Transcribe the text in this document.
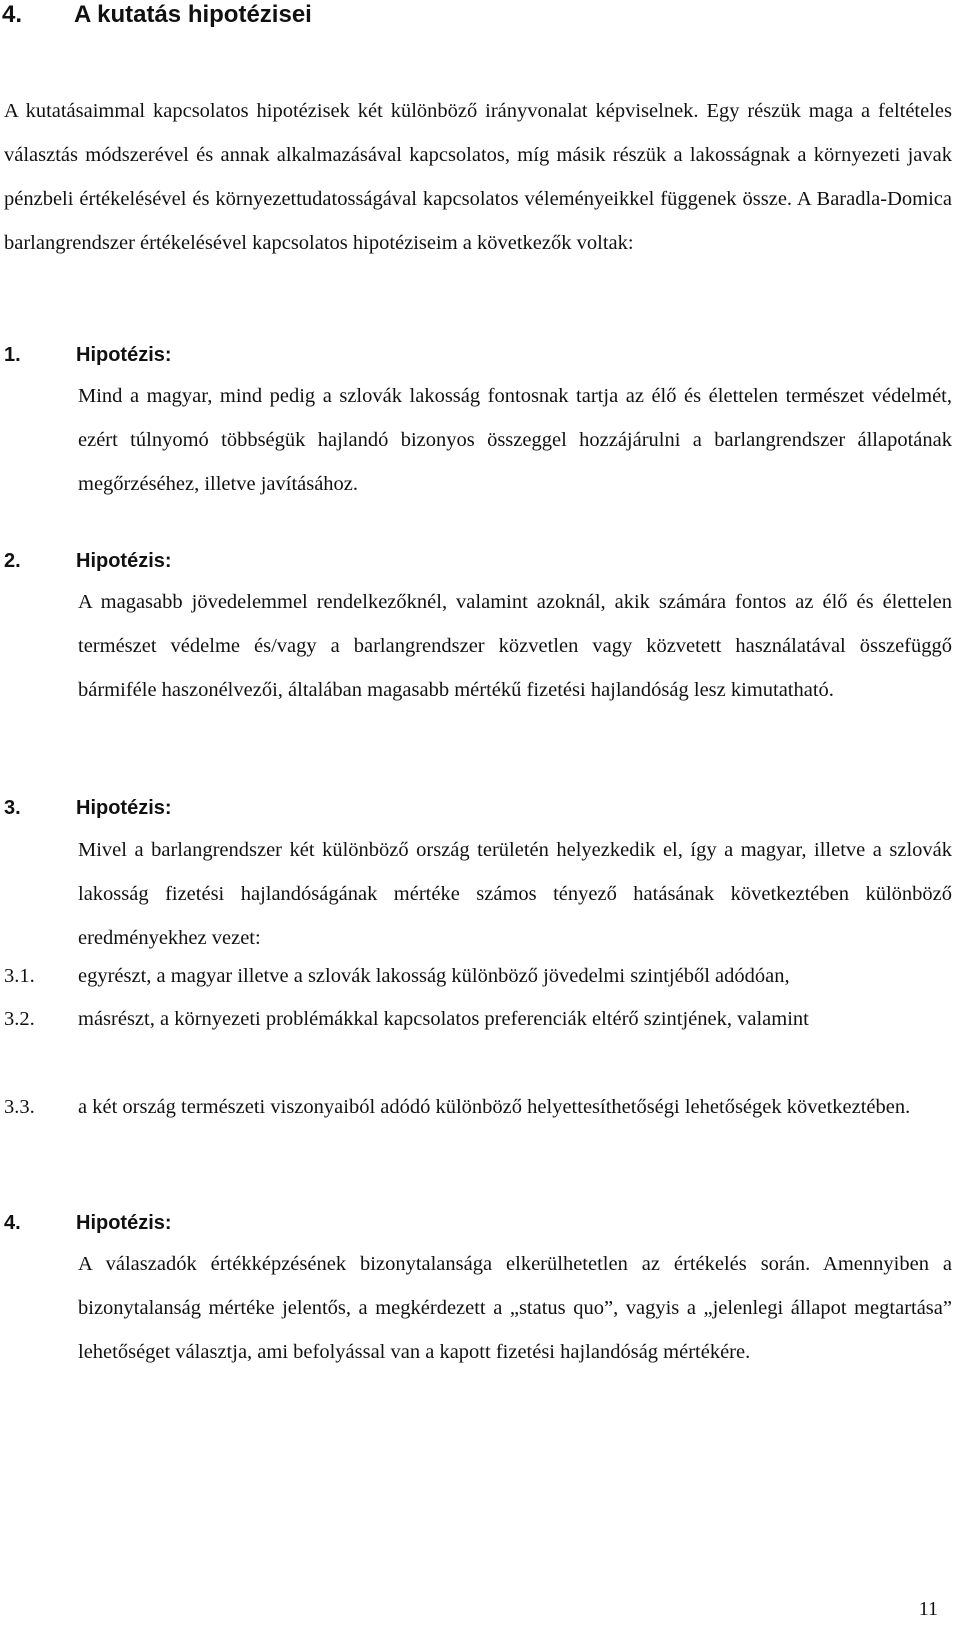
4. A kutatás hipotézisei

A kutatásaimmal kapcsolatos hipotézisek két különböző irányvonalat képviselnek. Egy részük maga a feltételes választás módszerével és annak alkalmazásával kapcsolatos, míg másik részük a lakosságnak a környezeti javak pénzbeli értékelésével és környezettudatosságával kapcsolatos véleményeikkel függenek össze. A Baradla-Domica barlangrendszer értékelésével kapcsolatos hipotéziseim a következők voltak:

1.	Hipotézis:

Mind a magyar, mind pedig a szlovák lakosság fontosnak tartja az élő és élettelen természet védelmét, ezért túlnyomó többségük hajlandó bizonyos összeggel hozzájárulni a barlangrendszer állapotának megőrzéséhez, illetve javításához.

2.	Hipotézis:

A magasabb jövedelemmel rendelkezőknél, valamint azoknál, akik számára fontos az élő és élettelen természet védelme és/vagy a barlangrendszer közvetlen vagy közvetett használatával összefüggő bármiféle haszonélvezői, általában magasabb mértékű fizetési hajlandóság lesz kimutatható.

3.	Hipotézis:

Mivel a barlangrendszer két különböző ország területén helyezkedik el, így a magyar, illetve a szlovák lakosság fizetési hajlandóságának mértéke számos tényező hatásának következtében különböző eredményekhez vezet:

3.1.	egyrészt, a magyar illetve a szlovák lakosság különböző jövedelmi szintjéből adódóan,
3.2.	másrészt, a környezeti problémákkal kapcsolatos preferenciák eltérő szintjének, valamint
3.3.	a két ország természeti viszonyaiból adódó különböző helyettesíthetőségi lehetőségek következtében.
4.	Hipotézis:

A válaszadók értékképzésének bizonytalansága elkerülhetetlen az értékelés során. Amennyiben a bizonytalanság mértéke jelentős, a megkérdezett a „status quo”, vagyis a „jelenlegi állapot megtartása” lehetőséget választja, ami befolyással van a kapott fizetési hajlandóság mértékére.

11
